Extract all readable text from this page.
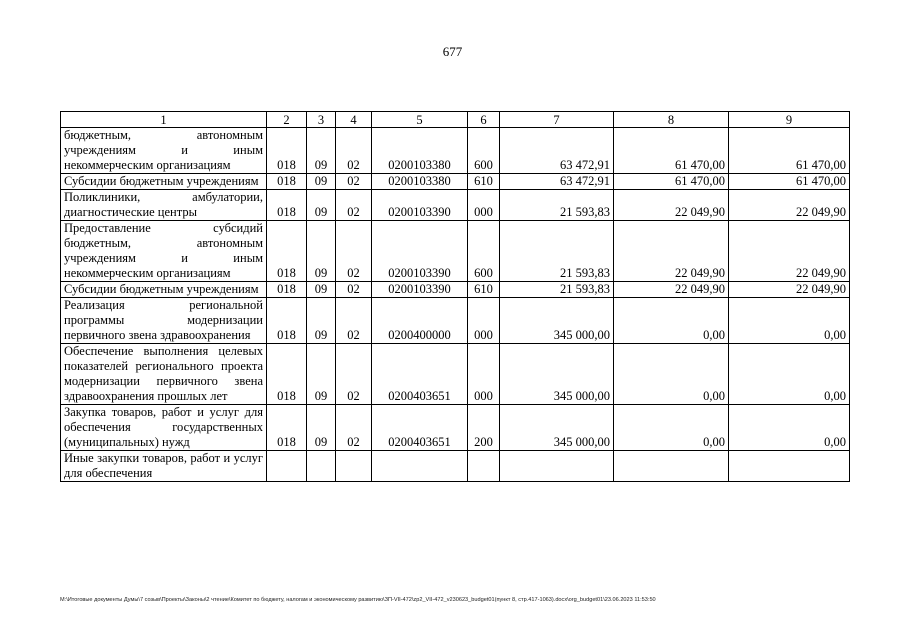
677
1	2	3	4	5	6	7	8	9
бюджетным, автономным учреждениям и иным некоммерческим организациям	018	09	02	0200103380	600	63 472,91	61 470,00	61 470,00
Субсидии бюджетным учреждениям	018	09	02	0200103380	610	63 472,91	61 470,00	61 470,00
Поликлиники, амбулатории, диагностические центры	018	09	02	0200103390	000	21 593,83	22 049,90	22 049,90
Предоставление субсидий бюджетным, автономным учреждениям и иным некоммерческим организациям	018	09	02	0200103390	600	21 593,83	22 049,90	22 049,90
Субсидии бюджетным учреждениям	018	09	02	0200103390	610	21 593,83	22 049,90	22 049,90
Реализация региональной программы модернизации первичного звена здравоохранения	018	09	02	0200400000	000	345 000,00	0,00	0,00
Обеспечение выполнения целевых показателей регионального проекта модернизации первичного звена здравоохранения прошлых лет	018	09	02	0200403651	000	345 000,00	0,00	0,00
Закупка товаров, работ и услуг для обеспечения государственных (муниципальных) нужд	018	09	02	0200403651	200	345 000,00	0,00	0,00
Иные закупки товаров, работ и услуг для обеспечения								
M:\Итоговые документы Думы\7 созыв\Проекты\Законы\2 чтение\Комитет по бюджету, налогам и экономическому развитию\ЗП-VII-472\zp2_VII-472_v230623_budget01(пункт 8, стр.417-1063).docx\org_budget01\23.06.2023 11:53:50
